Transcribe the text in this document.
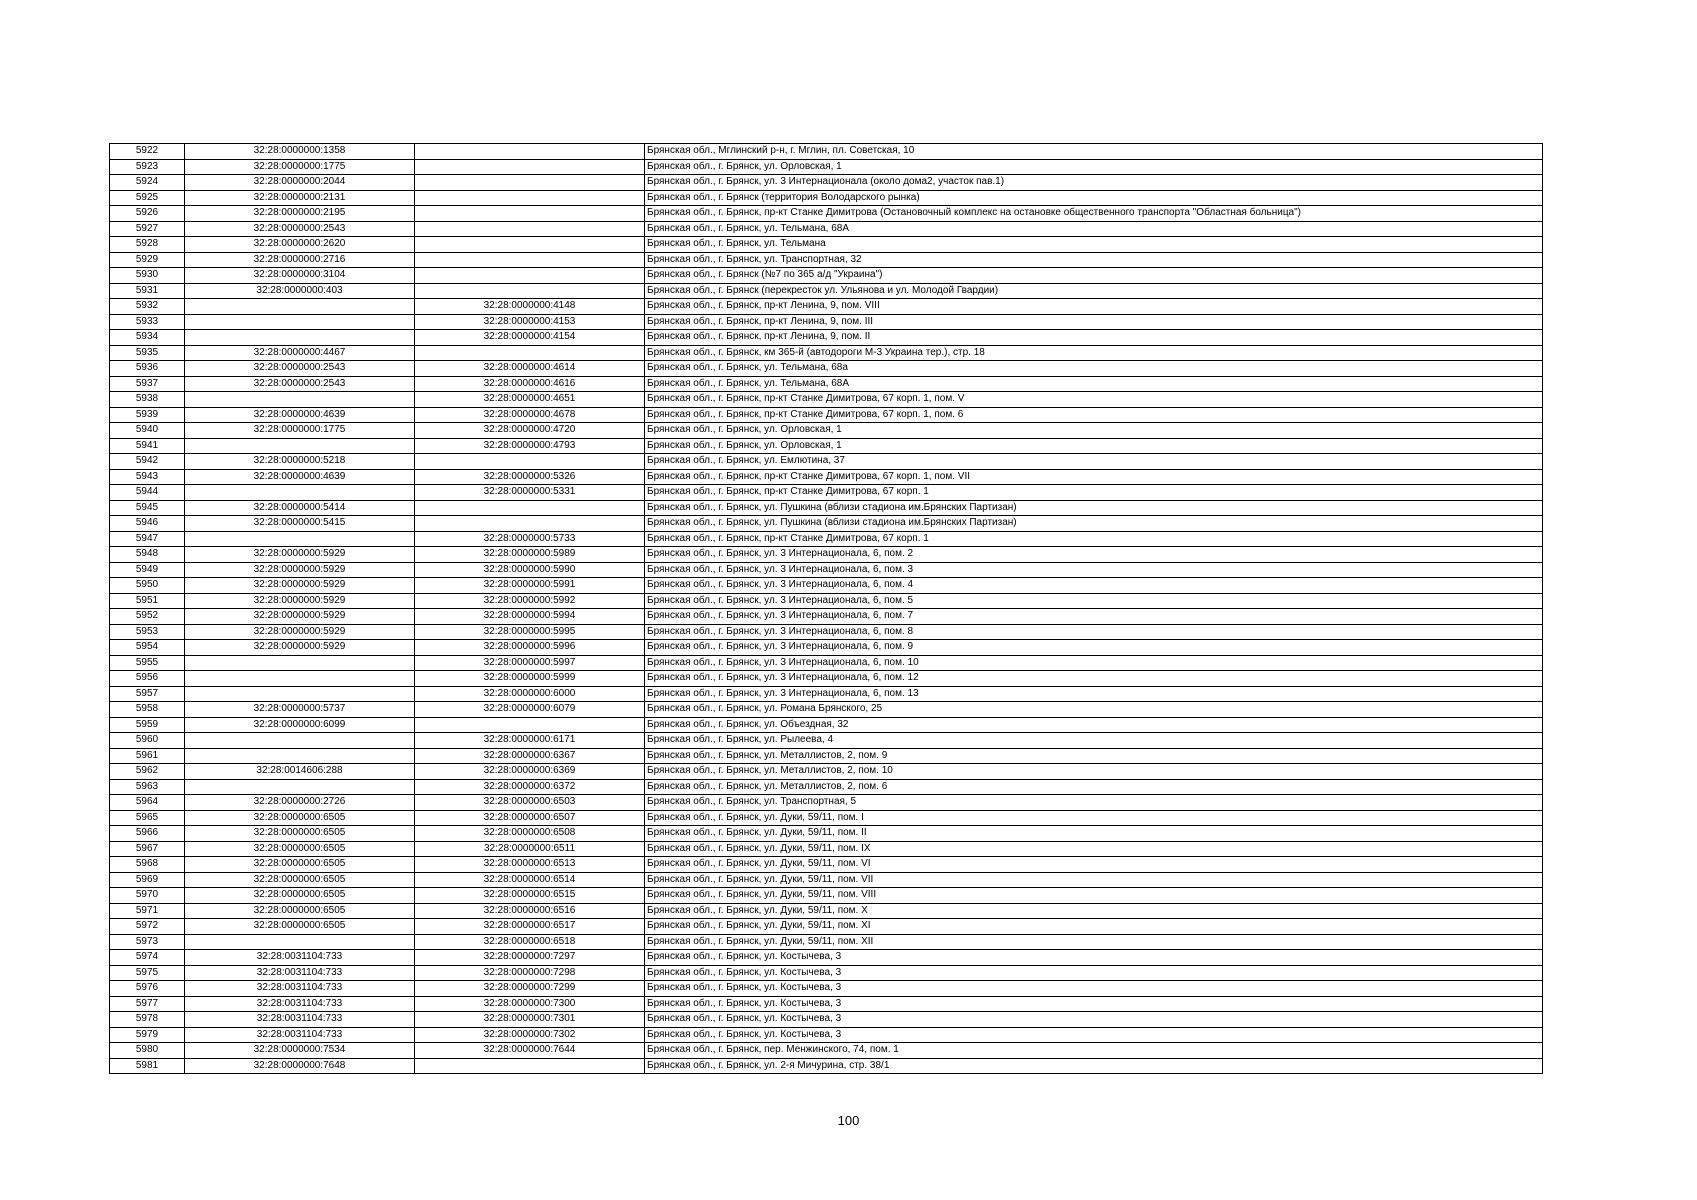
5922	32:28:0000000:1358		Брянская обл., Мглинский р-н, г. Мглин, пл. Советская, 10
5923	32:28:0000000:1775		Брянская обл., г. Брянск, ул. Орловская, 1
5924	32:28:0000000:2044		Брянская обл., г. Брянск, ул. 3 Интернационала (около дома2, участок пав.1)
5925	32:28:0000000:2131		Брянская обл., г. Брянск (территория Володарского рынка)
5926	32:28:0000000:2195		Брянская обл., г. Брянск, пр-кт Станке Димитрова (Остановочный комплекс на остановке общественного транспорта "Областная больница")
5927	32:28:0000000:2543		Брянская обл., г. Брянск, ул. Тельмана, 68А
5928	32:28:0000000:2620		Брянская обл., г. Брянск, ул. Тельмана
5929	32:28:0000000:2716		Брянская обл., г. Брянск, ул. Транспортная, 32
5930	32:28:0000000:3104		Брянская обл., г. Брянск (№7 по 365 а/д "Украина")
5931	32:28:0000000:403		Брянская обл., г. Брянск (перекресток ул. Ульянова и ул. Молодой Гвардии)
5932		32:28:0000000:4148	Брянская обл., г. Брянск, пр-кт Ленина, 9, пом. VIII
5933		32:28:0000000:4153	Брянская обл., г. Брянск, пр-кт Ленина, 9, пом. III
5934		32:28:0000000:4154	Брянская обл., г. Брянск, пр-кт Ленина, 9, пом. II
5935	32:28:0000000:4467		Брянская обл., г. Брянск, км 365-й (автодороги М-3 Украина тер.), стр. 18
5936	32:28:0000000:2543	32:28:0000000:4614	Брянская обл., г. Брянск, ул. Тельмана, 68а
5937	32:28:0000000:2543	32:28:0000000:4616	Брянская обл., г. Брянск, ул. Тельмана, 68А
5938		32:28:0000000:4651	Брянская обл., г. Брянск, пр-кт Станке Димитрова, 67 корп. 1, пом. V
5939	32:28:0000000:4639	32:28:0000000:4678	Брянская обл., г. Брянск, пр-кт Станке Димитрова, 67 корп. 1, пом. 6
5940	32:28:0000000:1775	32:28:0000000:4720	Брянская обл., г. Брянск, ул. Орловская, 1
5941		32:28:0000000:4793	Брянская обл., г. Брянск, ул. Орловская, 1
5942	32:28:0000000:5218		Брянская обл., г. Брянск, ул. Емлютина, 37
5943	32:28:0000000:4639	32:28:0000000:5326	Брянская обл., г. Брянск, пр-кт Станке Димитрова, 67 корп. 1, пом. VII
5944		32:28:0000000:5331	Брянская обл., г. Брянск, пр-кт Станке Димитрова, 67 корп. 1
5945	32:28:0000000:5414		Брянская обл., г. Брянск, ул. Пушкина (вблизи стадиона им.Брянских Партизан)
5946	32:28:0000000:5415		Брянская обл., г. Брянск, ул. Пушкина (вблизи стадиона им.Брянских Партизан)
5947		32:28:0000000:5733	Брянская обл., г. Брянск, пр-кт Станке Димитрова, 67 корп. 1
5948	32:28:0000000:5929	32:28:0000000:5989	Брянская обл., г. Брянск, ул. 3 Интернационала, 6, пом. 2
5949	32:28:0000000:5929	32:28:0000000:5990	Брянская обл., г. Брянск, ул. 3 Интернационала, 6, пом. 3
5950	32:28:0000000:5929	32:28:0000000:5991	Брянская обл., г. Брянск, ул. 3 Интернационала, 6, пом. 4
5951	32:28:0000000:5929	32:28:0000000:5992	Брянская обл., г. Брянск, ул. 3 Интернационала, 6, пом. 5
5952	32:28:0000000:5929	32:28:0000000:5994	Брянская обл., г. Брянск, ул. 3 Интернационала, 6, пом. 7
5953	32:28:0000000:5929	32:28:0000000:5995	Брянская обл., г. Брянск, ул. 3 Интернационала, 6, пом. 8
5954	32:28:0000000:5929	32:28:0000000:5996	Брянская обл., г. Брянск, ул. 3 Интернационала, 6, пом. 9
5955		32:28:0000000:5997	Брянская обл., г. Брянск, ул. 3 Интернационала, 6, пом. 10
5956		32:28:0000000:5999	Брянская обл., г. Брянск, ул. 3 Интернационала, 6, пом. 12
5957		32:28:0000000:6000	Брянская обл., г. Брянск, ул. 3 Интернационала, 6, пом. 13
5958	32:28:0000000:5737	32:28:0000000:6079	Брянская обл., г. Брянск, ул. Романа Брянского, 25
5959	32:28:0000000:6099		Брянская обл., г. Брянск, ул. Объездная, 32
5960		32:28:0000000:6171	Брянская обл., г. Брянск, ул. Рылеева, 4
5961		32:28:0000000:6367	Брянская обл., г. Брянск, ул. Металлистов, 2, пом. 9
5962	32:28:0014606:288	32:28:0000000:6369	Брянская обл., г. Брянск, ул. Металлистов, 2, пом. 10
5963		32:28:0000000:6372	Брянская обл., г. Брянск, ул. Металлистов, 2, пом. 6
5964	32:28:0000000:2726	32:28:0000000:6503	Брянская обл., г. Брянск, ул. Транспортная, 5
5965	32:28:0000000:6505	32:28:0000000:6507	Брянская обл., г. Брянск, ул. Дуки, 59/11, пом. I
5966	32:28:0000000:6505	32:28:0000000:6508	Брянская обл., г. Брянск, ул. Дуки, 59/11, пом. II
5967	32:28:0000000:6505	32:28:0000000:6511	Брянская обл., г. Брянск, ул. Дуки, 59/11, пом. IX
5968	32:28:0000000:6505	32:28:0000000:6513	Брянская обл., г. Брянск, ул. Дуки, 59/11, пом. VI
5969	32:28:0000000:6505	32:28:0000000:6514	Брянская обл., г. Брянск, ул. Дуки, 59/11, пом. VII
5970	32:28:0000000:6505	32:28:0000000:6515	Брянская обл., г. Брянск, ул. Дуки, 59/11, пом. VIII
5971	32:28:0000000:6505	32:28:0000000:6516	Брянская обл., г. Брянск, ул. Дуки, 59/11, пом. X
5972	32:28:0000000:6505	32:28:0000000:6517	Брянская обл., г. Брянск, ул. Дуки, 59/11, пом. XI
5973		32:28:0000000:6518	Брянская обл., г. Брянск, ул. Дуки, 59/11, пом. XII
5974	32:28:0031104:733	32:28:0000000:7297	Брянская обл., г. Брянск, ул. Костычева, 3
5975	32:28:0031104:733	32:28:0000000:7298	Брянская обл., г. Брянск, ул. Костычева, 3
5976	32:28:0031104:733	32:28:0000000:7299	Брянская обл., г. Брянск, ул. Костычева, 3
5977	32:28:0031104:733	32:28:0000000:7300	Брянская обл., г. Брянск, ул. Костычева, 3
5978	32:28:0031104:733	32:28:0000000:7301	Брянская обл., г. Брянск, ул. Костычева, 3
5979	32:28:0031104:733	32:28:0000000:7302	Брянская обл., г. Брянск, ул. Костычева, 3
5980	32:28:0000000:7534	32:28:0000000:7644	Брянская обл., г. Брянск, пер. Менжинского, 74, пом. 1
5981	32:28:0000000:7648		Брянская обл., г. Брянск, ул. 2-я Мичурина, стр. 38/1
100
